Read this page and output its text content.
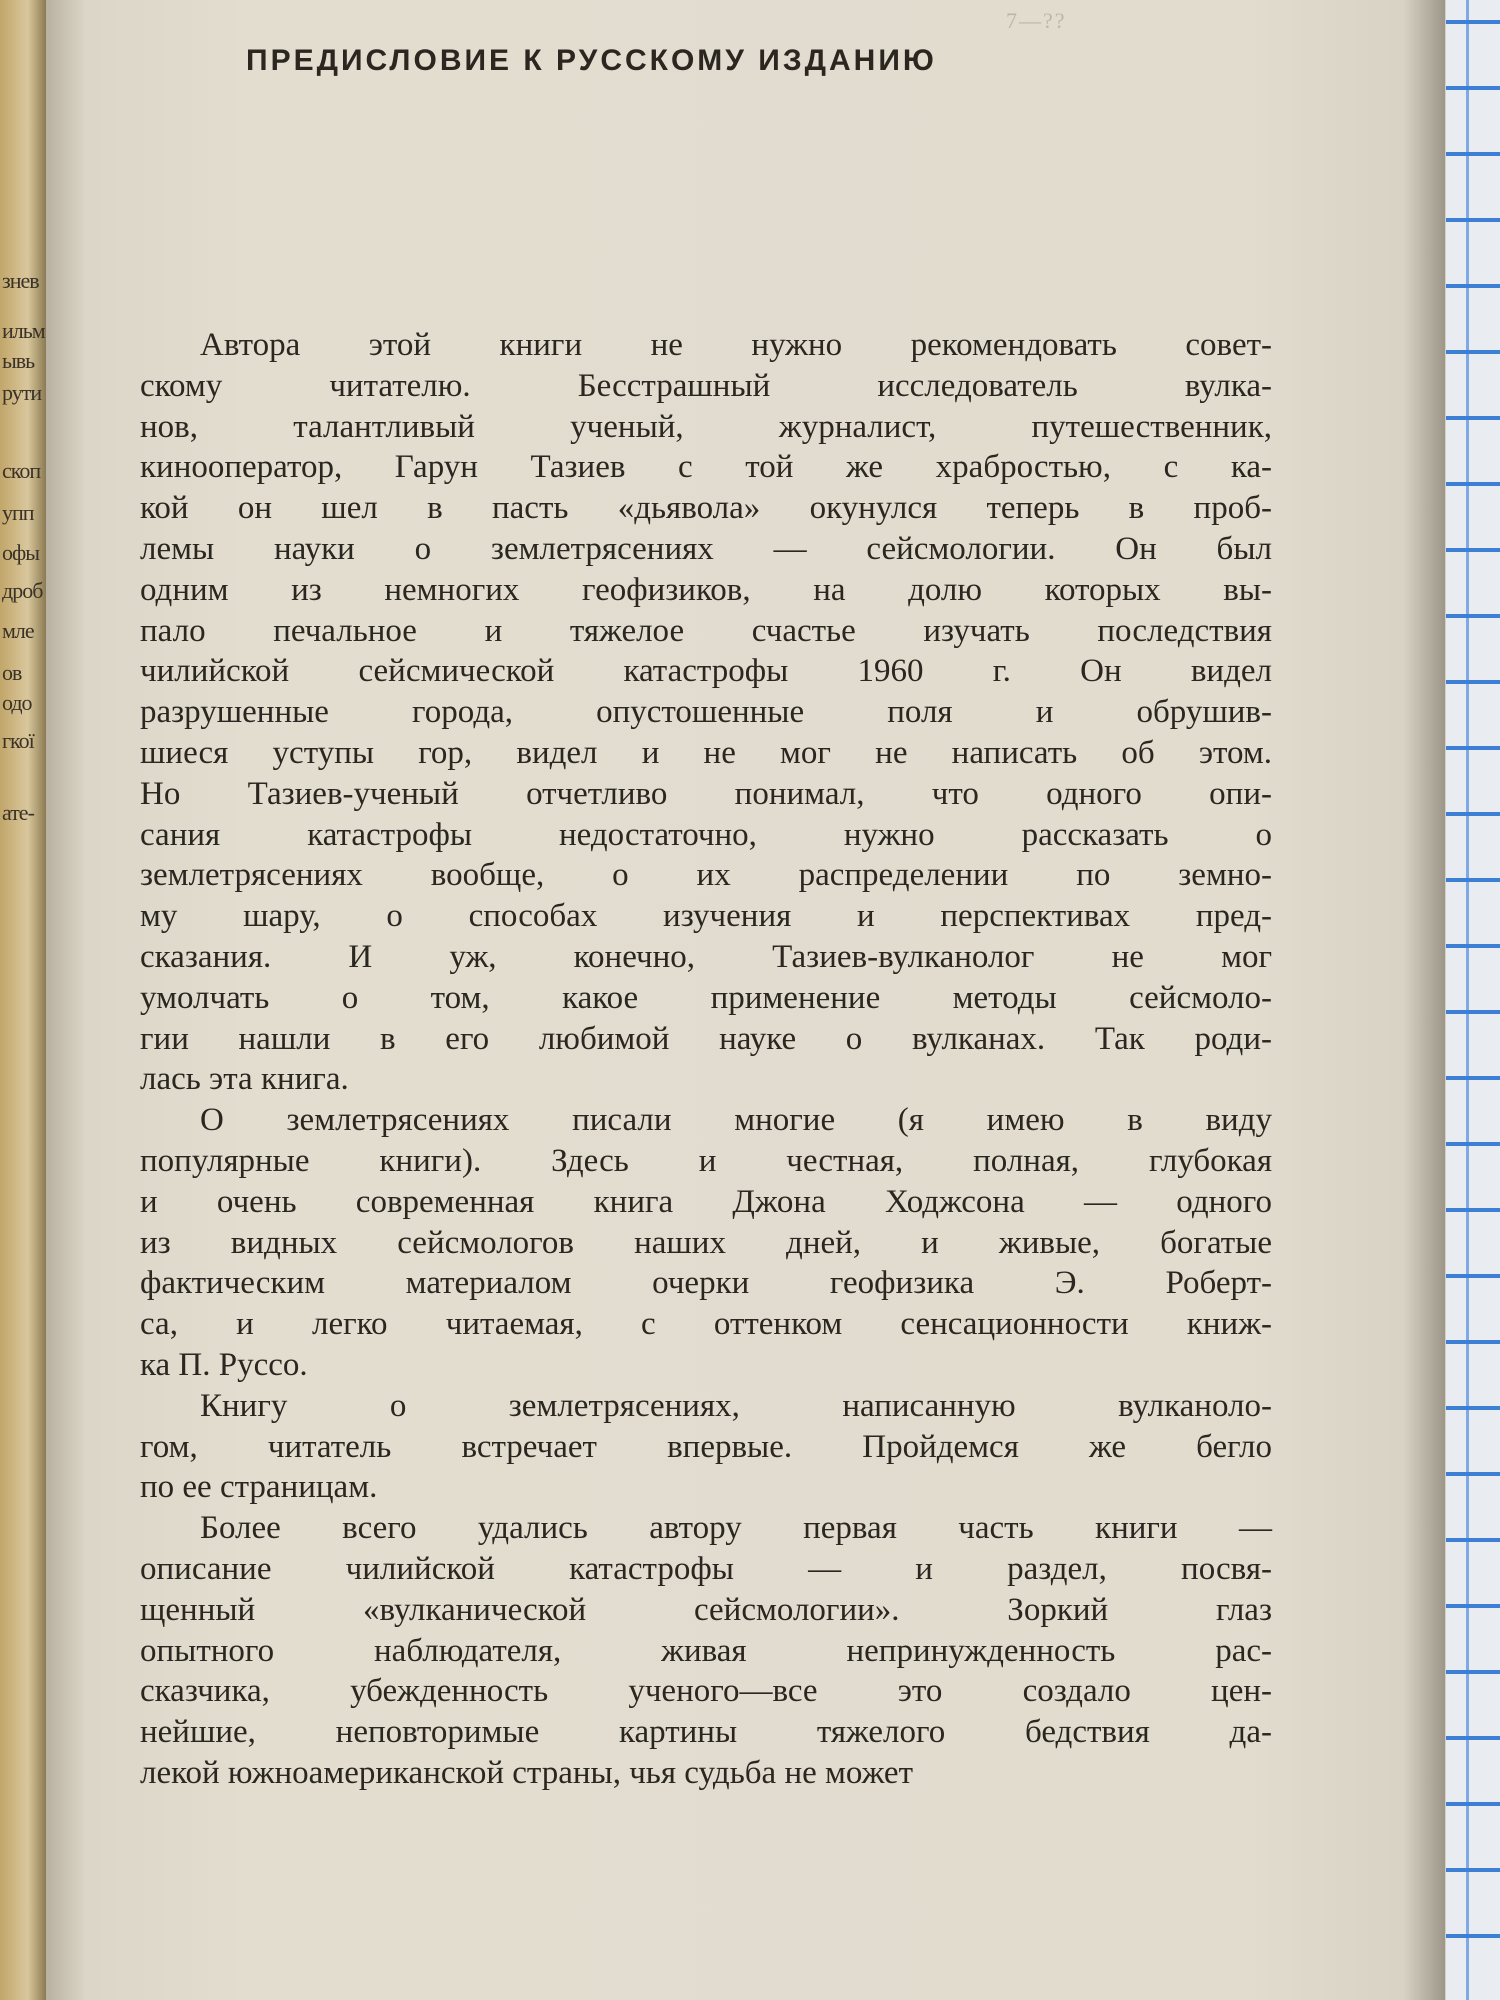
знев
ильм
ывь
рути
скоп
упп
офы
дроб
мле
ов
одо
гкої
ате-
7—??
ПРЕДИСЛОВИЕ К РУССКОМУ ИЗДАНИЮ
Автора этой книги не нужно рекомендовать совет-
скому читателю. Бесстрашный исследователь вулка-
нов, талантливый ученый, журналист, путешественник,
кинооператор, Гарун Тазиев с той же храбростью, с ка-
кой он шел в пасть «дьявола» окунулся теперь в проб-
лемы науки о землетрясениях — сейсмологии. Он был
одним из немногих геофизиков, на долю которых вы-
пало печальное и тяжелое счастье изучать последствия
чилийской сейсмической катастрофы 1960 г. Он видел
разрушенные города, опустошенные поля и обрушив-
шиеся уступы гор, видел и не мог не написать об этом.
Но Тазиев-ученый отчетливо понимал, что одного опи-
сания катастрофы недостаточно, нужно рассказать о
землетрясениях вообще, о их распределении по земно-
му шару, о способах изучения и перспективах пред-
сказания. И уж, конечно, Тазиев-вулканолог не мог
умолчать о том, какое применение методы сейсмоло-
гии нашли в его любимой науке о вулканах. Так роди-
лась эта книга.
О землетрясениях писали многие (я имею в виду
популярные книги). Здесь и честная, полная, глубокая
и очень современная книга Джона Ходжсона — одного
из видных сейсмологов наших дней, и живые, богатые
фактическим материалом очерки геофизика Э. Роберт-
са, и легко читаемая, с оттенком сенсационности книж-
ка П. Руссо.
Книгу о землетрясениях, написанную вулканоло-
гом, читатель встречает впервые. Пройдемся же бегло
по ее страницам.
Более всего удались автору первая часть книги —
описание чилийской катастрофы — и раздел, посвя-
щенный «вулканической сейсмологии». Зоркий глаз
опытного наблюдателя, живая непринужденность рас-
сказчика, убежденность ученого—все это создало цен-
нейшие, неповторимые картины тяжелого бедствия да-
лекой южноамериканской страны, чья судьба не может
